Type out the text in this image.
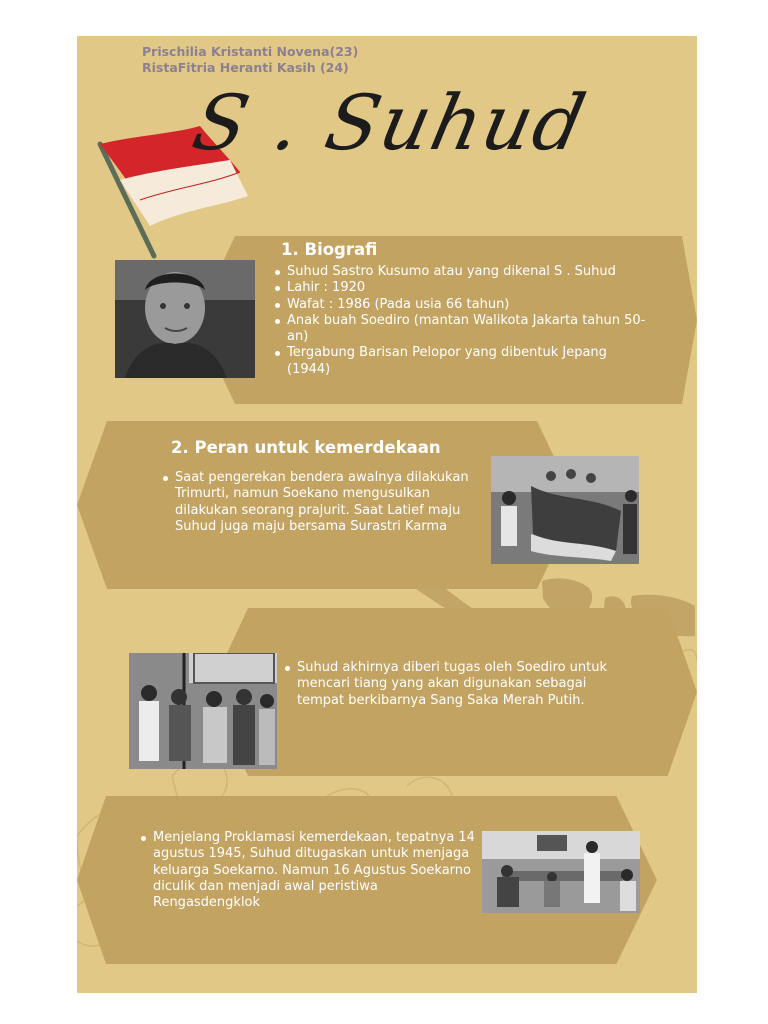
Prischilia Kristanti Novena(23)
RistaFitria Heranti Kasih (24)
S . Suhud
1. Biografi
Suhud Sastro Kusumo atau yang dikenal S . Suhud
Lahir : 1920
Wafat : 1986 (Pada usia 66 tahun)
Anak buah Soediro (mantan Walikota Jakarta tahun 50-an)
Tergabung Barisan Pelopor yang dibentuk Jepang (1944)
2. Peran untuk kemerdekaan
Saat pengerekan bendera awalnya dilakukan Trimurti, namun Soekano mengusulkan dilakukan seorang prajurit. Saat Latief maju Suhud juga maju bersama Surastri Karma
Suhud akhirnya diberi tugas oleh Soediro untuk mencari tiang yang akan digunakan sebagai tempat berkibarnya Sang Saka Merah Putih.
Menjelang Proklamasi kemerdekaan, tepatnya 14 agustus 1945, Suhud ditugaskan untuk menjaga keluarga Soekarno. Namun 16 Agustus Soekarno diculik dan menjadi awal peristiwa Rengasdengklok
